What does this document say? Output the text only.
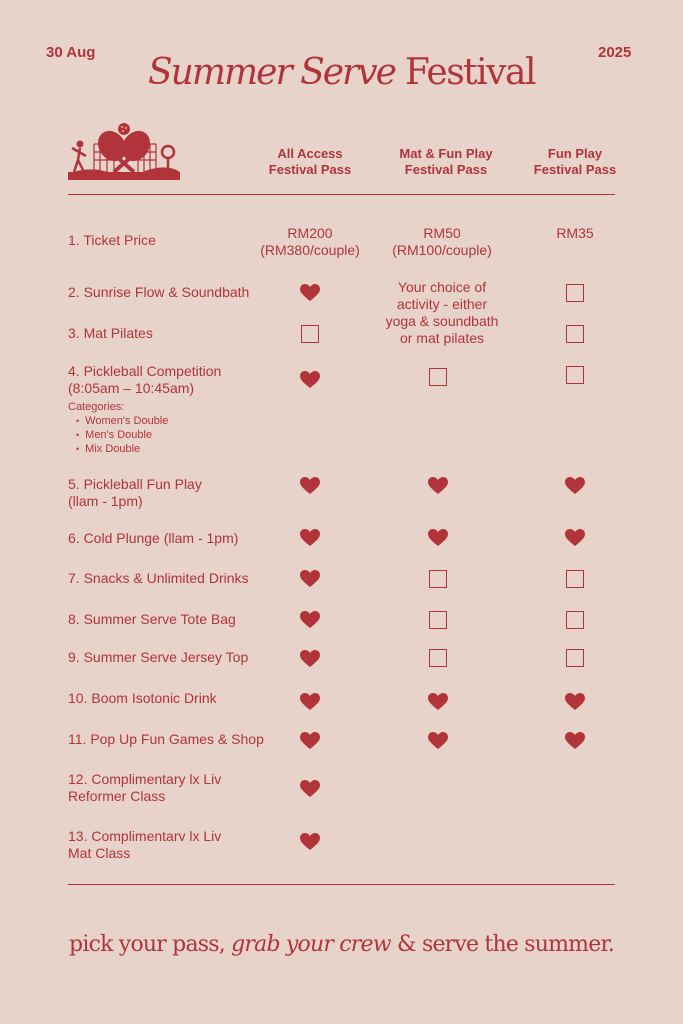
30 Aug	2025
Summer Serve Festival
All Access
Festival Pass
Mat & Fun Play
Festival Pass
Fun Play
Festival Pass
1. Ticket Price
2. Sunrise Flow & Soundbath
3. Mat Pilates
4. Pickleball Competition
(8:05am – 10:45am)
Categories:
• Women's Double
• Men's Double
• Mix Double
5. Pickleball Fun Play
(llam - 1pm)
6. Cold Plunge (llam - 1pm)
7. Snacks & Unlimited Drinks
8. Summer Serve Tote Bag
9. Summer Serve Jersey Top
10. Boom Isotonic Drink
11. Pop Up Fun Games & Shop
12. Complimentary lx Liv
Reformer Class
13. Complimentarv lx Liv
Mat Class
RM200
(RM380/couple)
RM50
(RM100/couple)
RM35
Your choice of
activity - either
yoga & soundbath
or mat pilates
pick your pass, grab your crew & serve the summer.
